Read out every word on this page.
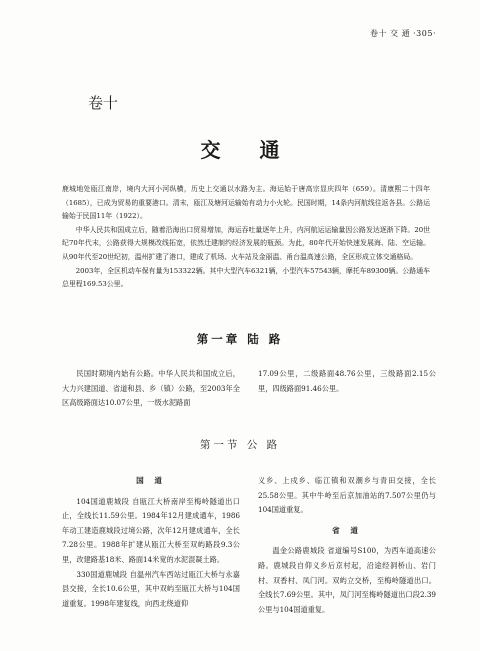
卷十 交 通 ·305·
卷十
交 通

鹿城地处瓯江南岸，境内大河小河纵横，历史上交通以水路为主。海运始于唐高宗显庆四年（659）。清康熙二十四年（1685），已成为贸易的重要港口。清末，瓯江及塘河运输始有动力小火轮。民国时期，14条内河航线往返各县。公路运输始于民国11年（1922）。

中华人民共和国成立后，随着沿海出口贸易增加，海运吞吐量逐年上升，内河航运运输量因公路发达逐渐下降。20世纪70年代末，公路获得大规模改线拓宽，依然迁建制约经济发展的瓶颈。为此，80年代开始快速发展海、陆、空运输。从90年代至20世纪初，温州扩建了港口，建成了机场、火车站及金丽温、甬台温高速公路，全区形成立体交通格局。

2003年，全区机动车保有量为153322辆。其中大型汽车6321辆，小型汽车57543辆，摩托车89300辆。公路通车总里程169.53公里。

第一章 陆 路

民国时期境内始有公路。中华人民共和国成立后，大力兴建国道、省道和县、乡（镇）公路，至2003年全区高级路面达10.07公里，一级水泥路面

17.09公里，二级路面48.76公里，三级路面2.15公里，四级路面91.46公里。

第一节 公 路
国 道

104国道鹿城段 自瓯江大桥南岸至梅岭隧道出口止，全线长11.59公里。1984年12月建成通车，1986年动工建造鹿城段过境公路，次年12月建成通车，全长7.28公里。1988年扩建从瓯江大桥至双屿路段9.3公里，改建路基18米、路面14米宽的水泥混凝土路。

330国道鹿城段 自温州汽车西站过瓯江大桥与永嘉县交接，全长10.6公里，其中双屿至瓯江大桥与104国道重复。1998年建复线，向西北绕道仰

义乡、上戍乡、临江镇和双潮乡与青田交接，全长25.58公里。其中牛岭至后京加油站的7.507公里仍与104国道重复。

省 道

温金公路鹿城段 省道编号S100，为西车道高速公路。鹿城段自仰义乡后京村起，沿途经洞桥山、岩门村、双香村、凤门河。双屿立交桥，至梅岭隧道出口。全线长7.69公里。其中，凤门河至梅岭隧道出口段2.39公里与104国道重复。
